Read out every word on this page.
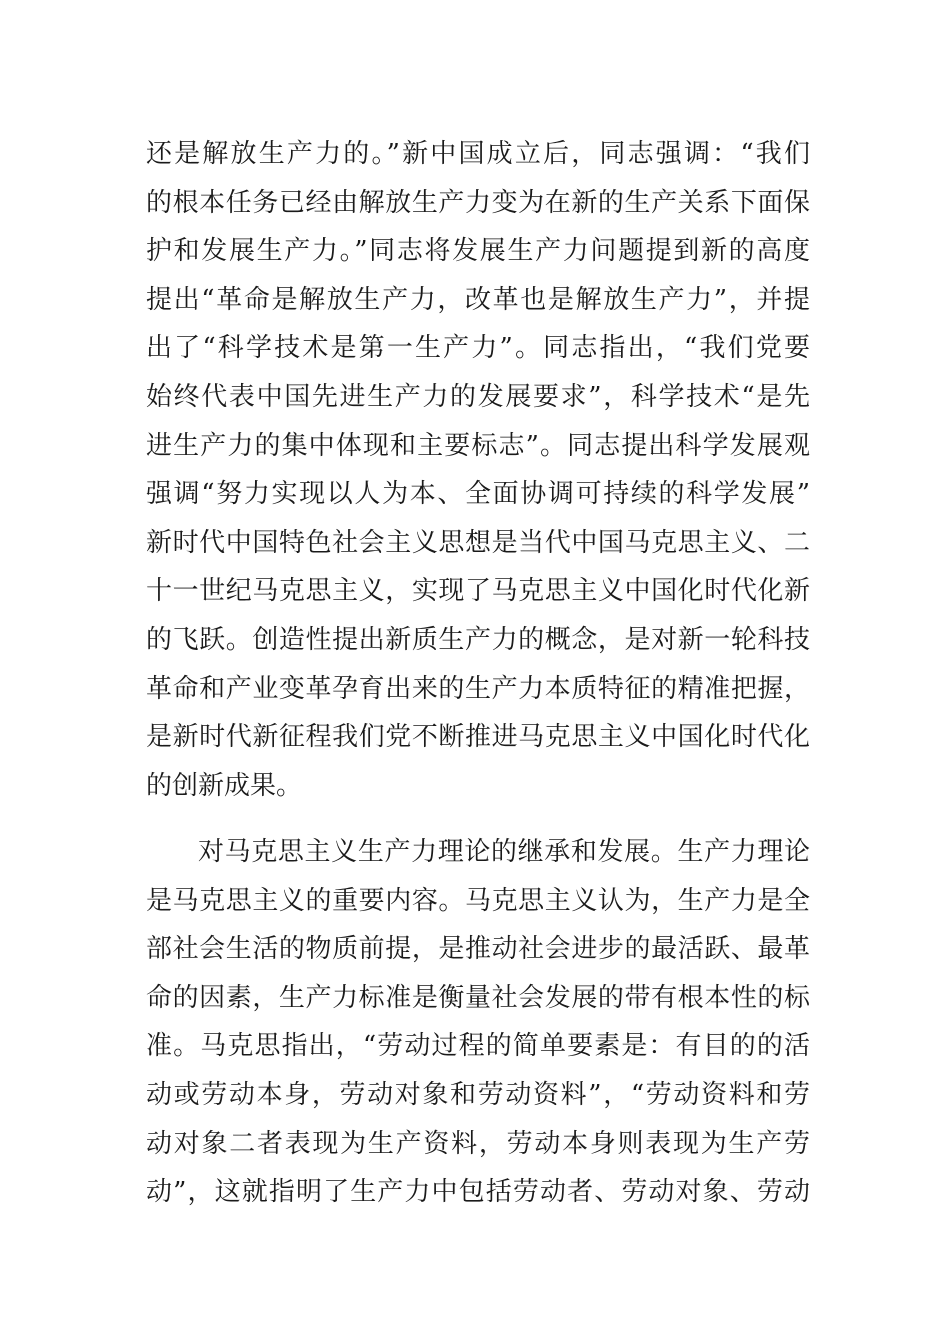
还是解放生产力的。”新中国成立后，同志强调：“我们
的根本任务已经由解放生产力变为在新的生产关系下面保
护和发展生产力。”同志将发展生产力问题提到新的高度
提出“革命是解放生产力，改革也是解放生产力”，并提
出了“科学技术是第一生产力”。同志指出，“我们党要
始终代表中国先进生产力的发展要求”，科学技术“是先
进生产力的集中体现和主要标志”。同志提出科学发展观
强调“努力实现以人为本、全面协调可持续的科学发展”
新时代中国特色社会主义思想是当代中国马克思主义、二
十一世纪马克思主义，实现了马克思主义中国化时代化新
的飞跃。创造性提出新质生产力的概念，是对新一轮科技
革命和产业变革孕育出来的生产力本质特征的精准把握，
是新时代新征程我们党不断推进马克思主义中国化时代化
的创新成果。
对马克思主义生产力理论的继承和发展。生产力理论
是马克思主义的重要内容。马克思主义认为，生产力是全
部社会生活的物质前提，是推动社会进步的最活跃、最革
命的因素，生产力标准是衡量社会发展的带有根本性的标
准。马克思指出，“劳动过程的简单要素是：有目的的活
动或劳动本身，劳动对象和劳动资料”，“劳动资料和劳
动对象二者表现为生产资料，劳动本身则表现为生产劳
动”，这就指明了生产力中包括劳动者、劳动对象、劳动
